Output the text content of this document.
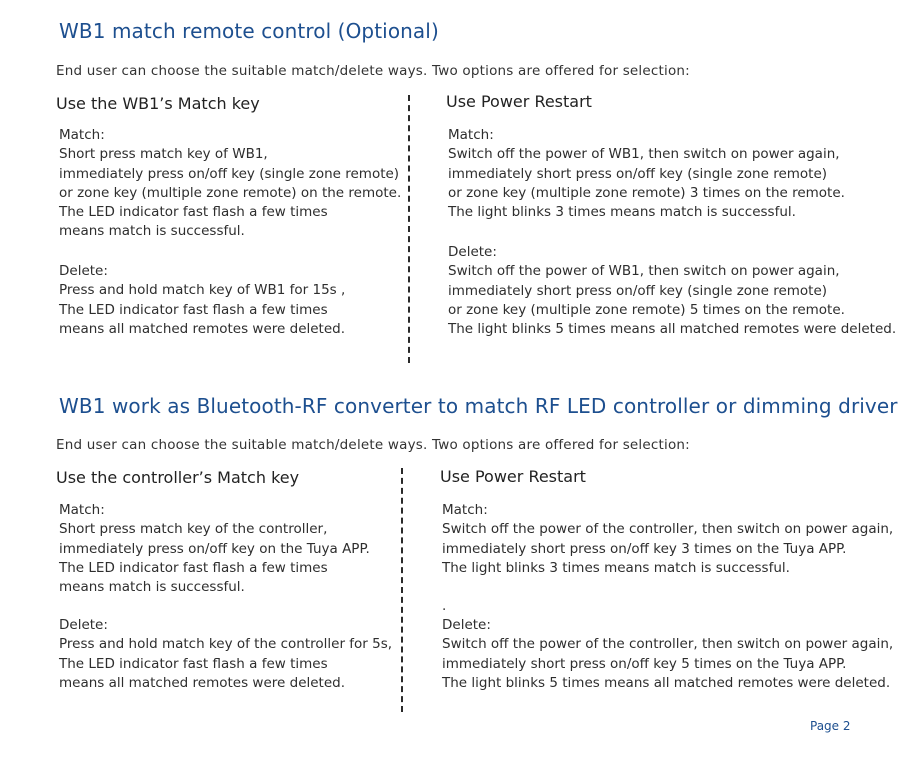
WB1 match remote control (Optional)
End user can choose the suitable match/delete ways. Two options are offered for selection:
Use the WB1’s Match key
Match:
Short press match key of WB1,
immediately press on/off key (single zone remote)
or zone key (multiple zone remote) on the remote.
The LED indicator fast flash a few times
means match is successful.
Delete:
Press and hold match key of WB1 for 15s ,
The LED indicator fast flash a few times
means all matched remotes were deleted.
Use Power Restart
Match:
Switch off the power of WB1, then switch on power again,
immediately short press on/off key (single zone remote)
or zone key (multiple zone remote) 3 times on the remote.
The light blinks 3 times means match is successful.
Delete:
Switch off the power of WB1, then switch on power again,
immediately short press on/off key (single zone remote)
or zone key (multiple zone remote) 5 times on the remote.
The light blinks 5 times means all matched remotes were deleted.
WB1 work as Bluetooth-RF converter to match RF LED controller or dimming driver
End user can choose the suitable match/delete ways. Two options are offered for selection:
Use the controller’s Match key
Match:
Short press match key of the controller,
immediately press on/off key on the Tuya APP.
The LED indicator fast flash a few times
means match is successful.
Delete:
Press and hold match key of the controller for 5s,
The LED indicator fast flash a few times
means all matched remotes were deleted.
Use Power Restart
Match:
Switch off the power of the controller, then switch on power again,
immediately short press on/off key 3 times on the Tuya APP.
The light blinks 3 times means match is successful.
.
Delete:
Switch off the power of the controller, then switch on power again,
immediately short press on/off key 5 times on the Tuya APP.
The light blinks 5 times means all matched remotes were deleted.
Page 2
